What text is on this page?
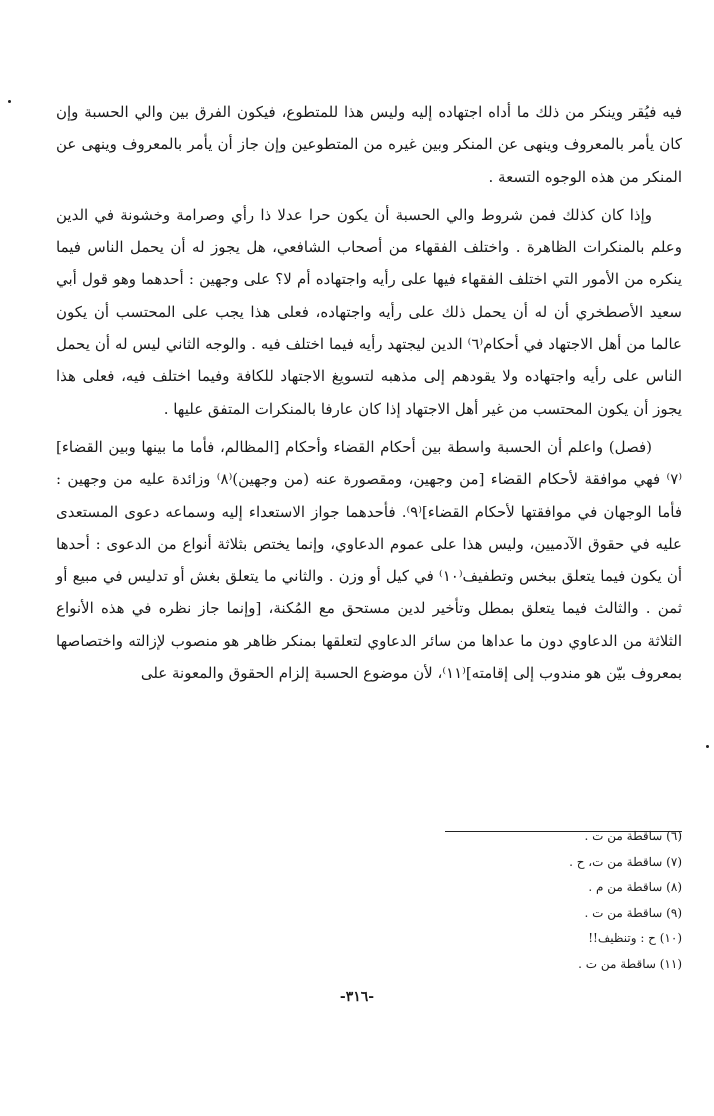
فيه فيُقر وينكر من ذلك ما أداه اجتهاده إليه وليس هذا للمتطوع، فيكون الفرق بين والي الحسبة وإن كان يأمر بالمعروف وينهى عن المنكر وبين غيره من المتطوعين وإن جاز أن يأمر بالمعروف وينهى عن المنكر من هذه الوجوه التسعة .

وإذا كان كذلك فمن شروط والي الحسبة أن يكون حرا عدلا ذا رأي وصرامة وخشونة في الدين وعلم بالمنكرات الظاهرة . واختلف الفقهاء من أصحاب الشافعي، هل يجوز له أن يحمل الناس فيما ينكره من الأمور التي اختلف الفقهاء فيها على رأيه واجتهاده أم لا؟ على وجهين : أحدهما وهو قول أبي سعيد الأصطخري أن له أن يحمل ذلك على رأيه واجتهاده، فعلى هذا يجب على المحتسب أن يكون عالما من أهل الاجتهاد في أحكام⁽٦⁾ الدين ليجتهد رأيه فيما اختلف فيه . والوجه الثاني ليس له أن يحمل الناس على رأيه واجتهاده ولا يقودهم إلى مذهبه لتسويغ الاجتهاد للكافة وفيما اختلف فيه، فعلى هذا يجوز أن يكون المحتسب من غير أهل الاجتهاد إذا كان عارفا بالمنكرات المتفق عليها .

(فصل) واعلم أن الحسبة واسطة بين أحكام القضاء وأحكام [المظالم، فأما ما بينها وبين القضاء]⁽٧⁾ فهي موافقة لأحكام القضاء [من وجهين، ومقصورة عنه (من وجهين)⁽٨⁾ وزائدة عليه من وجهين : فأما الوجهان في موافقتها لأحكام القضاء]⁽٩⁾. فأحدهما جواز الاستعداء إليه وسماعه دعوى المستعدى عليه في حقوق الآدميين، وليس هذا على عموم الدعاوي، وإنما يختص بثلاثة أنواع من الدعوى : أحدها أن يكون فيما يتعلق ببخس وتطفيف⁽١٠⁾ في كيل أو وزن . والثاني ما يتعلق بغش أو تدليس في مبيع أو ثمن . والثالث فيما يتعلق بمطل وتأخير لدين مستحق مع المُكنة، [وإنما جاز نظره في هذه الأنواع الثلاثة من الدعاوي دون ما عداها من سائر الدعاوي لتعلقها بمنكر ظاهر هو منصوب لإزالته واختصاصها بمعروف بيّن هو مندوب إلى إقامته]⁽١١⁾، لأن موضوع الحسبة إلزام الحقوق والمعونة على

(٦) ساقطة من ت .
(٧) ساقطة من ت، ح .
(٨) ساقطة من م .
(٩) ساقطة من ت .
(١٠) ح : وتنظيف!!
(١١) ساقطة من ت .
-٣١٦-
